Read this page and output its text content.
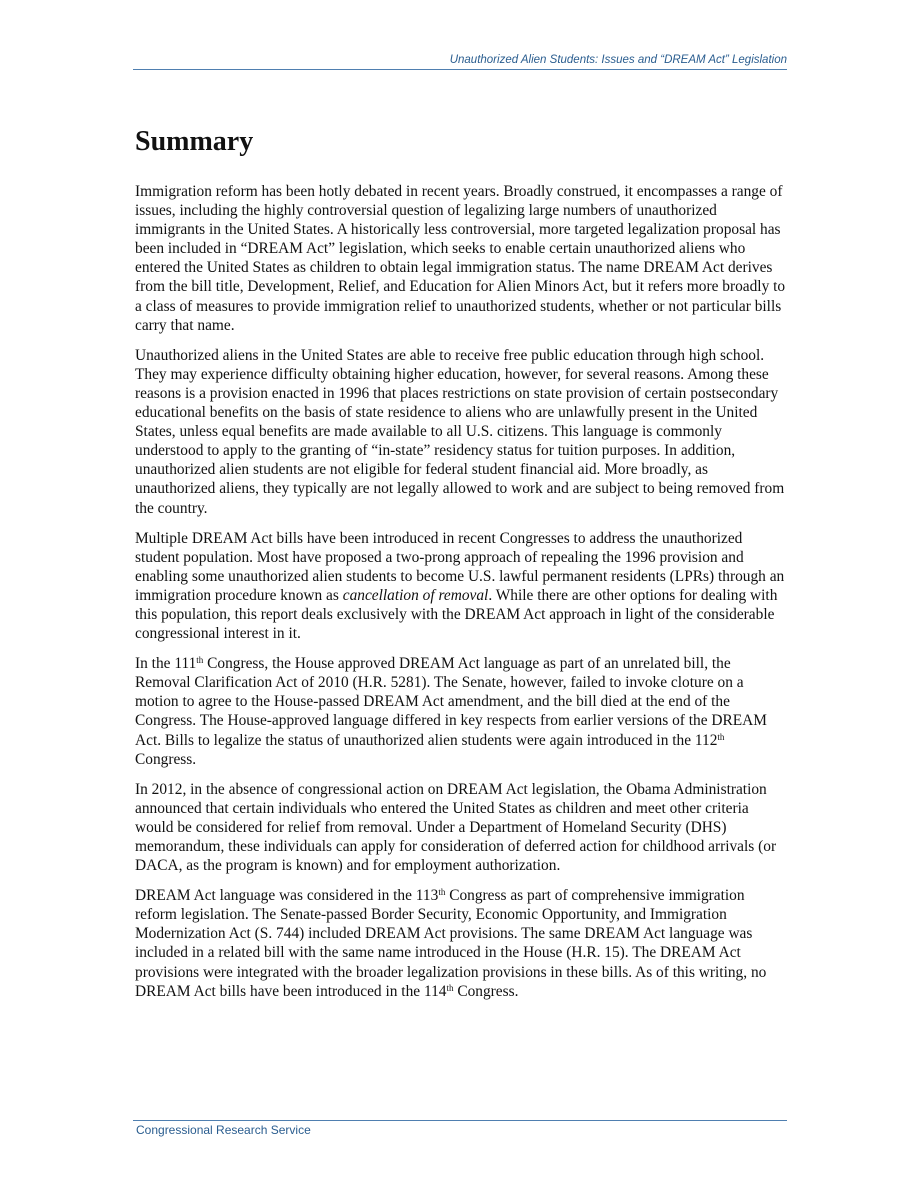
Unauthorized Alien Students: Issues and “DREAM Act” Legislation
Summary

Immigration reform has been hotly debated in recent years. Broadly construed, it encompasses a range of issues, including the highly controversial question of legalizing large numbers of unauthorized immigrants in the United States. A historically less controversial, more targeted legalization proposal has been included in “DREAM Act” legislation, which seeks to enable certain unauthorized aliens who entered the United States as children to obtain legal immigration status. The name DREAM Act derives from the bill title, Development, Relief, and Education for Alien Minors Act, but it refers more broadly to a class of measures to provide immigration relief to unauthorized students, whether or not particular bills carry that name.

Unauthorized aliens in the United States are able to receive free public education through high school. They may experience difficulty obtaining higher education, however, for several reasons. Among these reasons is a provision enacted in 1996 that places restrictions on state provision of certain postsecondary educational benefits on the basis of state residence to aliens who are unlawfully present in the United States, unless equal benefits are made available to all U.S. citizens. This language is commonly understood to apply to the granting of “in-state” residency status for tuition purposes. In addition, unauthorized alien students are not eligible for federal student financial aid. More broadly, as unauthorized aliens, they typically are not legally allowed to work and are subject to being removed from the country.

Multiple DREAM Act bills have been introduced in recent Congresses to address the unauthorized student population. Most have proposed a two-prong approach of repealing the 1996 provision and enabling some unauthorized alien students to become U.S. lawful permanent residents (LPRs) through an immigration procedure known as cancellation of removal. While there are other options for dealing with this population, this report deals exclusively with the DREAM Act approach in light of the considerable congressional interest in it.

In the 111th Congress, the House approved DREAM Act language as part of an unrelated bill, the Removal Clarification Act of 2010 (H.R. 5281). The Senate, however, failed to invoke cloture on a motion to agree to the House-passed DREAM Act amendment, and the bill died at the end of the Congress. The House-approved language differed in key respects from earlier versions of the DREAM Act. Bills to legalize the status of unauthorized alien students were again introduced in the 112th Congress.

In 2012, in the absence of congressional action on DREAM Act legislation, the Obama Administration announced that certain individuals who entered the United States as children and meet other criteria would be considered for relief from removal. Under a Department of Homeland Security (DHS) memorandum, these individuals can apply for consideration of deferred action for childhood arrivals (or DACA, as the program is known) and for employment authorization.

DREAM Act language was considered in the 113th Congress as part of comprehensive immigration reform legislation. The Senate-passed Border Security, Economic Opportunity, and Immigration Modernization Act (S. 744) included DREAM Act provisions. The same DREAM Act language was included in a related bill with the same name introduced in the House (H.R. 15). The DREAM Act provisions were integrated with the broader legalization provisions in these bills. As of this writing, no DREAM Act bills have been introduced in the 114th Congress.

Congressional Research Service
